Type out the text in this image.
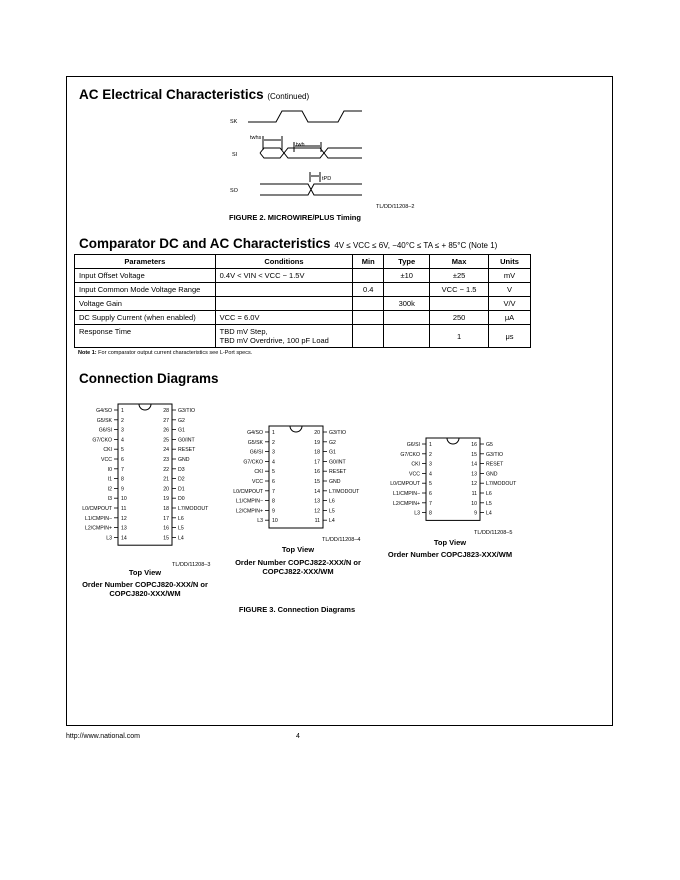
AC Electrical Characteristics (Continued)
SK
twhs
twh
SI
tPD
SO
TL/DD/11208–2
FIGURE 2. MICROWIRE/PLUS Timing
Comparator DC and AC Characteristics 4V ≤ VCC ≤ 6V, −40°C ≤ TA ≤ + 85°C (Note 1)
Parameters	Conditions	Min	Type	Max	Units
Input Offset Voltage	0.4V < VIN < VCC − 1.5V		±10	±25	mV
Input Common Mode Voltage Range		0.4		VCC − 1.5	V
Voltage Gain			300k		V/V
DC Supply Current (when enabled)	VCC = 6.0V			250	μA
Response Time	TBD mV Step,
TBD mV Overdrive, 100 pF Load			1	μs
Note 1: For comparator output current characteristics see L-Port specs.
Connection Diagrams
G4/SO 1	28 G3/TIO
G5/SK 2	27 G2
G6/SI 3	26 G1
G7/CKO 4	25 G0/INT
CKI 5	24 RESET
VCC 6	23 GND
I0 7	22 D3
I1 8	21 D2
I2 9	20 D1
I3 10	19 D0
L0/CMPOUT 11	18 L7/MODOUT
L1/CMPIN− 12	17 L6
L2/CMPIN+ 13	16 L5
L3 14	15 L4
TL/DD/11208–3
Top View
Order Number COPCJ820-XXX/N or
COPCJ820-XXX/WM
G4/SO 1	20 G3/TIO
G5/SK 2	19 G2
G6/SI 3	18 G1
G7/CKO 4	17 G0/INT
CKI 5	16 RESET
VCC 6	15 GND
L0/CMPOUT 7	14 L7/MODOUT
L1/CMPIN− 8	13 L6
L2/CMPIN+ 9	12 L5
L3 10	11 L4
TL/DD/11208–4
Top View
Order Number COPCJ822-XXX/N or
COPCJ822-XXX/WM
G6/SI 1	16 G5
G7/CKO 2	15 G3/TIO
CKI 3	14 RESET
VCC 4	13 GND
L0/CMPOUT 5	12 L7/MODOUT
L1/CMPIN− 6	11 L6
L2/CMPIN+ 7	10 L5
L3 8	9 L4
TL/DD/11208–5
Top View
Order Number COPCJ823-XXX/WM
FIGURE 3. Connection Diagrams
http://www.national.com	4
